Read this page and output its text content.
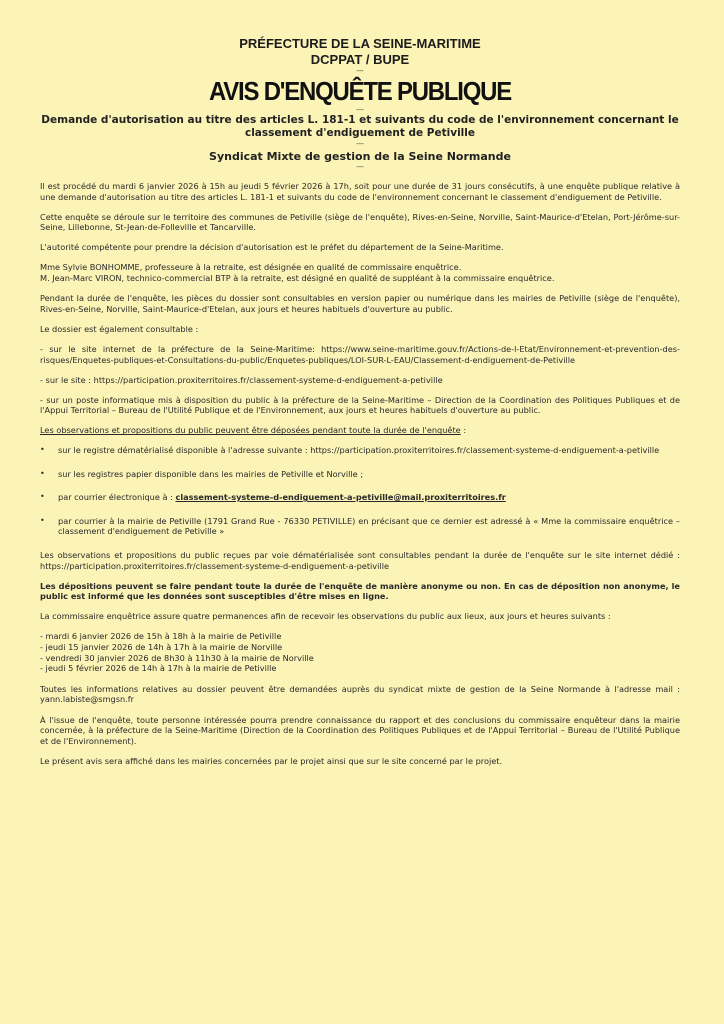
PRÉFECTURE DE LA SEINE-MARITIME
DCPPAT / BUPE
---
AVIS D'ENQUÊTE PUBLIQUE
---
Demande d'autorisation au titre des articles L. 181-1 et suivants du code de l'environnement concernant le classement d'endiguement de Petiville
---
Syndicat Mixte de gestion de la Seine Normande
---

Il est procédé du mardi 6 janvier 2026 à 15h au jeudi 5 février 2026 à 17h, soit pour une durée de 31 jours consécutifs, à une enquête publique relative à une demande d'autorisation au titre des articles L. 181-1 et suivants du code de l'environnement concernant le classement d'endiguement de Petiville.

Cette enquête se déroule sur le territoire des communes de Petiville (siège de l'enquête), Rives-en-Seine, Norville, Saint-Maurice-d'Etelan, Port-Jérôme-sur-Seine, Lillebonne, St-Jean-de-Folleville et Tancarville.

L'autorité compétente pour prendre la décision d'autorisation est le préfet du département de la Seine-Maritime.

Mme Sylvie BONHOMME, professeure à la retraite, est désignée en qualité de commissaire enquêtrice.

M. Jean-Marc VIRON, technico-commercial BTP à la retraite, est désigné en qualité de suppléant à la commissaire enquêtrice.

Pendant la durée de l'enquête, les pièces du dossier sont consultables en version papier ou numérique dans les mairies de Petiville (siège de l'enquête), Rives-en-Seine, Norville, Saint-Maurice-d'Etelan, aux jours et heures habituels d'ouverture au public.

Le dossier est également consultable :

- sur le site internet de la préfecture de la Seine-Maritime: https://www.seine-maritime.gouv.fr/Actions-de-l-Etat/Environnement-et-prevention-des-risques/Enquetes-publiques-et-Consultations-du-public/Enquetes-publiques/LOI-SUR-L-EAU/Classement-d-endiguement-de-Petiville

- sur le site : https://participation.proxiterritoires.fr/classement-systeme-d-endiguement-a-petiville

- sur un poste informatique mis à disposition du public à la préfecture de la Seine-Maritime – Direction de la Coordination des Politiques Publiques et de l'Appui Territorial – Bureau de l'Utilité Publique et de l'Environnement, aux jours et heures habituels d'ouverture au public.

Les observations et propositions du public peuvent être déposées pendant toute la durée de l'enquête :

• sur le registre dématérialisé disponible à l'adresse suivante : https://participation.proxiterritoires.fr/classement-systeme-d-endiguement-a-petiville
• sur les registres papier disponible dans les mairies de Petiville et Norville ;
• par courrier électronique à : classement-systeme-d-endiguement-a-petiville@mail.proxiterritoires.fr
• par courrier à la mairie de Petiville (1791 Grand Rue - 76330 PETIVILLE) en précisant que ce dernier est adressé à « Mme la commissaire enquêtrice – classement d'endiguement de Petiville »

Les observations et propositions du public reçues par voie dématérialisée sont consultables pendant la durée de l'enquête sur le site internet dédié : https://participation.proxiterritoires.fr/classement-systeme-d-endiguement-a-petiville

Les dépositions peuvent se faire pendant toute la durée de l'enquête de manière anonyme ou non. En cas de déposition non anonyme, le public est informé que les données sont susceptibles d'être mises en ligne.

La commissaire enquêtrice assure quatre permanences afin de recevoir les observations du public aux lieux, aux jours et heures suivants :

- mardi 6 janvier 2026 de 15h à 18h à la mairie de Petiville
- jeudi 15 janvier 2026 de 14h à 17h à la mairie de Norville
- vendredi 30 janvier 2026 de 8h30 à 11h30 à la mairie de Norville
- jeudi 5 février 2026 de 14h à 17h à la mairie de Petiville

Toutes les informations relatives au dossier peuvent être demandées auprès du syndicat mixte de gestion de la Seine Normande à l'adresse mail : yann.labiste@smgsn.fr

À l'issue de l'enquête, toute personne intéressée pourra prendre connaissance du rapport et des conclusions du commissaire enquêteur dans la mairie concernée, à la préfecture de la Seine-Maritime (Direction de la Coordination des Politiques Publiques et de l'Appui Territorial – Bureau de l'Utilité Publique et de l'Environnement).

Le présent avis sera affiché dans les mairies concernées par le projet ainsi que sur le site concerné par le projet.
